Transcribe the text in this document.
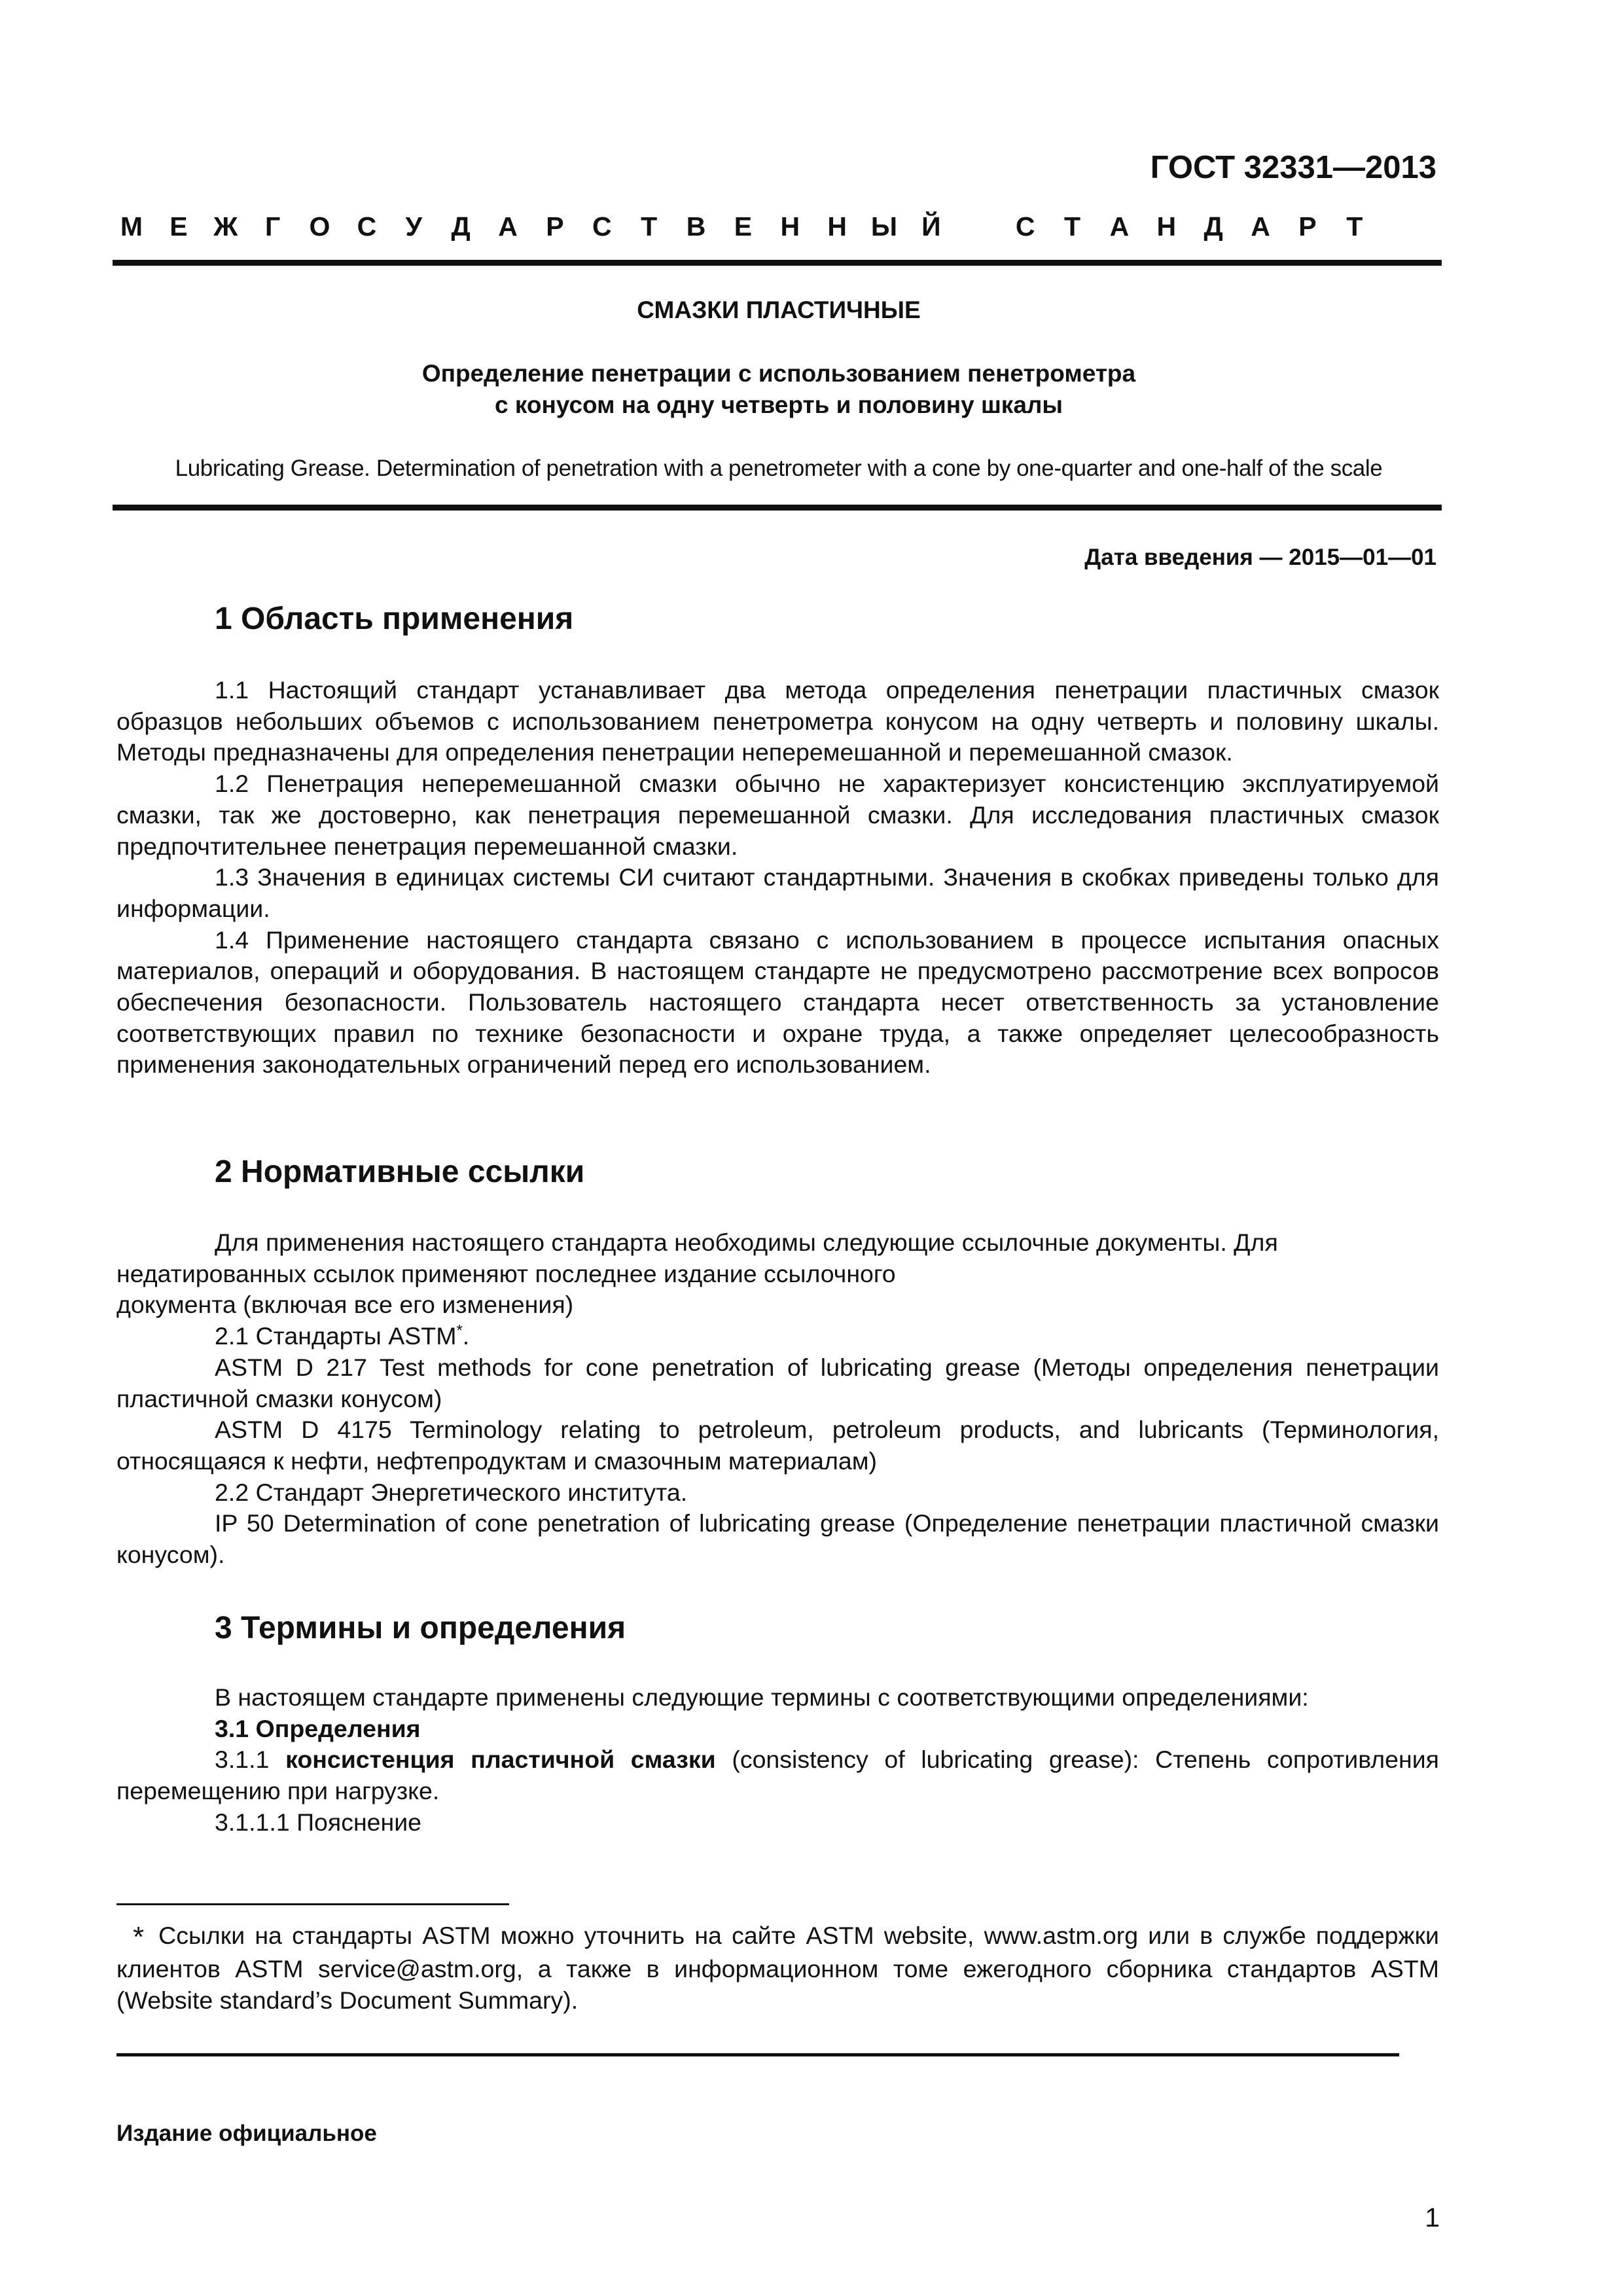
ГОСТ 32331—2013
М Е Ж Г О С У Д А Р С Т В Е Н Н Ы Й	С Т А Н Д А Р Т
СМАЗКИ ПЛАСТИЧНЫЕ
Определение пенетрации с использованием пенетрометра
с конусом на одну четверть и половину шкалы
Lubricating Grease. Determination of penetration with a penetrometer with a cone by one-quarter and one-half of the scale
Дата введения — 2015—01—01
1 Область применения

1.1 Настоящий стандарт устанавливает два метода определения пенетрации пластичных смазок образцов небольших объемов с использованием пенетрометра конусом на одну четверть и половину шкалы. Методы предназначены для определения пенетрации неперемешанной и перемешанной смазок.

1.2 Пенетрация неперемешанной смазки обычно не характеризует консистенцию эксплуатируемой смазки, так же достоверно, как пенетрация перемешанной смазки. Для исследования пластичных смазок предпочтительнее пенетрация перемешанной смазки.

1.3 Значения в единицах системы СИ считают стандартными. Значения в скобках приведены только для информации.

1.4 Применение настоящего стандарта связано с использованием в процессе испытания опасных материалов, операций и оборудования. В настоящем стандарте не предусмотрено рассмотрение всех вопросов обеспечения безопасности. Пользователь настоящего стандарта несет ответственность за установление соответствующих правил по технике безопасности и охране труда, а также определяет целесообразность применения законодательных ограничений перед его использованием.

2 Нормативные ссылки

Для применения настоящего стандарта необходимы следующие ссылочные документы. Для недатированных ссылок применяют последнее издание ссылочного

документа (включая все его изменения)

2.1 Стандарты ASTM*.

ASTM D 217 Test methods for cone penetration of lubricating grease (Методы определения пенетрации пластичной смазки конусом)

ASTM D 4175 Terminology relating to petroleum, petroleum products, and lubricants (Терминология, относящаяся к нефти, нефтепродуктам и смазочным материалам)

2.2 Стандарт Энергетического института.

IP 50 Determination of cone penetration of lubricating grease (Определение пенетрации пластичной смазки конусом).

3 Термины и определения

В настоящем стандарте применены следующие термины с соответствующими определениями:

3.1 Определения

3.1.1 консистенция пластичной смазки (consistency of lubricating grease): Степень сопротивления перемещению при нагрузке.

3.1.1.1 Пояснение

* Ссылки на стандарты ASTM можно уточнить на сайте ASTM website, www.astm.org или в службе поддержки клиентов ASTM service@astm.org, а также в информационном томе ежегодного сборника стандартов ASTM (Website standard’s Document Summary).

Издание официальное
1
